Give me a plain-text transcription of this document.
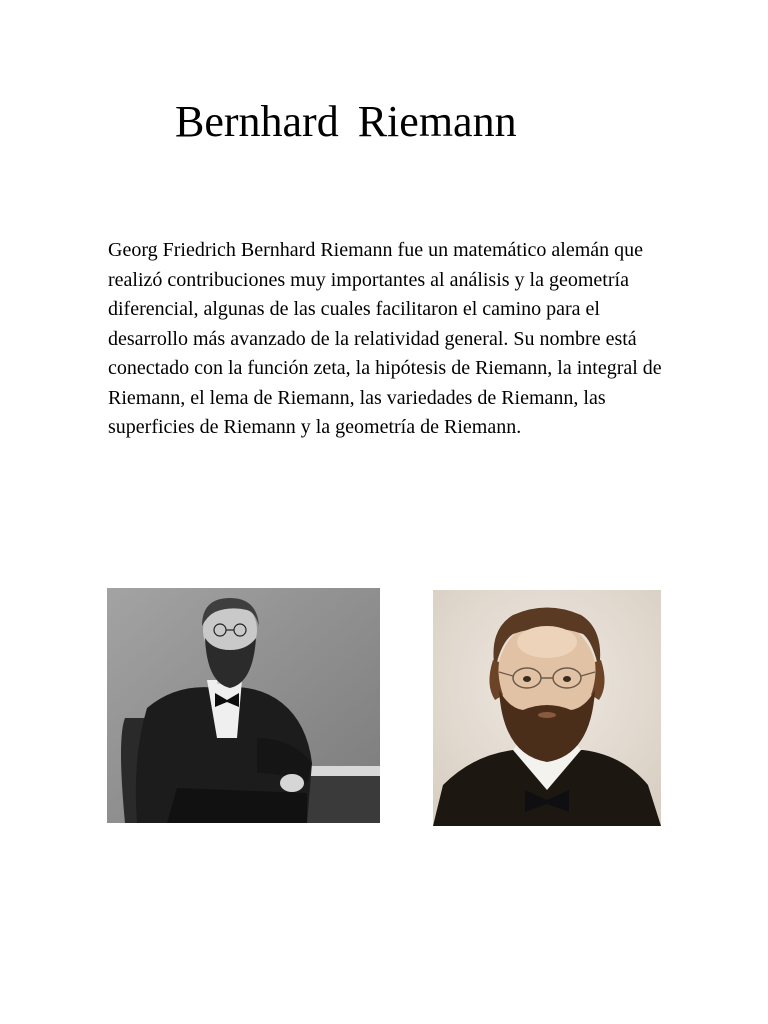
Bernhard Riemann

Georg Friedrich Bernhard Riemann fue un matemático alemán que realizó contribuciones muy importantes al análisis y la geometría diferencial, algunas de las cuales facilitaron el camino para el desarrollo más avanzado de la relatividad general. Su nombre está conectado con la función zeta, la hipótesis de Riemann, la integral de Riemann, el lema de Riemann, las variedades de Riemann, las superficies de Riemann y la geometría de Riemann.
